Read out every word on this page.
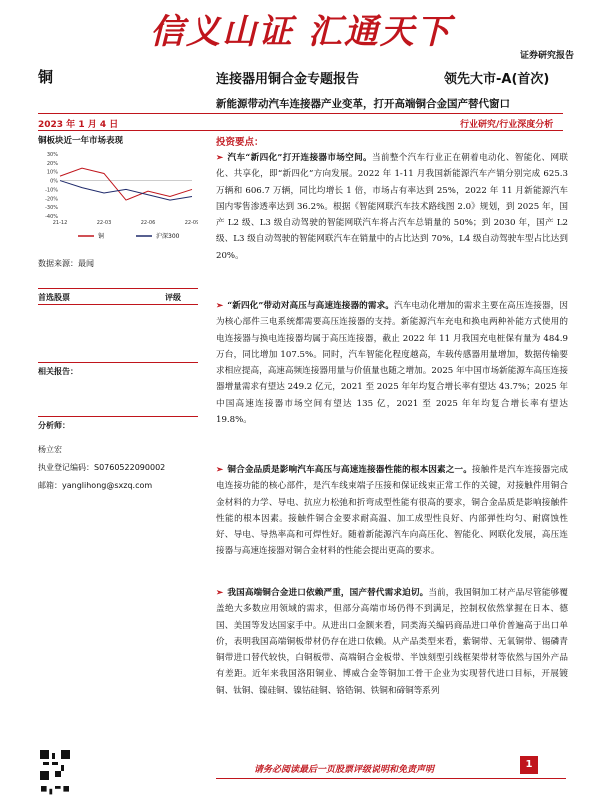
信义山证 汇通天下
证券研究报告
铜	连接器用铜合金专题报告	领先大市-A(首次)
新能源带动汽车连接器产业变革，打开高端铜合金国产替代窗口
2023 年 1 月 4 日	行业研究/行业深度分析
铜板块近一年市场表现
30%
20%
10%
0%
-10%
-20%
-30%
-40%
21-12	22-03	22-06	22-09
铜	沪深300
数据来源：最闻
首选股票	评级
相关报告：
分析师：
杨立宏
执业登记编码：S0760522090002
邮箱：yanglihong@sxzq.com
投资要点：
➢ 汽车“新四化”打开连接器市场空间。当前整个汽车行业正在朝着电动化、智能化、网联化、共享化，即“新四化”方向发展。2022 年 1-11 月我国新能源汽车产销分别完成 625.3 万辆和 606.7 万辆，同比均增长 1 倍，市场占有率达到 25%，2022 年 11 月新能源汽车国内零售渗透率达到 36.2%。根据《智能网联汽车技术路线图 2.0》规划，到 2025 年，国产 L2 级、L3 级自动驾驶的智能网联汽车将占汽车总销量的 50%；到 2030 年，国产 L2 级、L3 级自动驾驶的智能网联汽车在销量中的占比达到 70%，L4 级自动驾驶车型占比达到 20%。
➢ “新四化”带动对高压与高速连接器的需求。汽车电动化增加的需求主要在高压连接器，因为核心部件三电系统都需要高压连接器的支持。新能源汽车充电和换电两种补能方式使用的电连接器与换电连接器均属于高压连接器，截止 2022 年 11 月我国充电桩保有量为 484.9 万台，同比增加 107.5%。同时，汽车智能化程度越高，车载传感器用量增加，数据传输要求相应提高，高速高频连接器用量与价值量也随之增加。2025 年中国市场新能源车高压连接器增量需求有望达 249.2 亿元，2021 至 2025 年年均复合增长率有望达 43.7%；2025 年中国高速连接器市场空间有望达 135 亿，2021 至 2025 年年均复合增长率有望达 19.8%。
➢ 铜合金品质是影响汽车高压与高速连接器性能的根本因素之一。接触件是汽车连接器完成电连接功能的核心部件，是汽车线束端子压接和保证线束正常工作的关键，对接触件用铜合金材料的力学、导电、抗应力松弛和折弯成型性能有很高的要求，铜合金品质是影响接触件性能的根本因素。接触件铜合金要求耐高温、加工成型性良好、内部弹性均匀、耐腐蚀性好、导电、导热率高和可焊性好。随着新能源汽车向高压化、智能化、网联化发展，高压连接器与高速连接器对铜合金材料的性能会提出更高的要求。
➢ 我国高端铜合金进口依赖严重，国产替代需求迫切。当前，我国铜加工材产品尽管能够覆盖绝大多数应用领域的需求，但部分高端市场仍得不到满足，控制权依然掌握在日本、德国、美国等发达国家手中。从进出口金额来看，同类海关编码商品进口单价普遍高于出口单价，表明我国高端铜板带材仍存在进口依赖。从产品类型来看，紫铜带、无氧铜带、锡磷青铜带进口替代较快，白铜板带、高端铜合金板带、半蚀刻型引线框架带材等依然与国外产品有差距。近年来我国洛阳铜业、博威合金等铜加工骨干企业为实现替代进口目标，开展镀铜、钛铜、镍硅铜、镍钴硅铜、铬锆铜、铁铜和碲铜等系列
请务必阅读最后一页股票评级说明和免责声明	1
